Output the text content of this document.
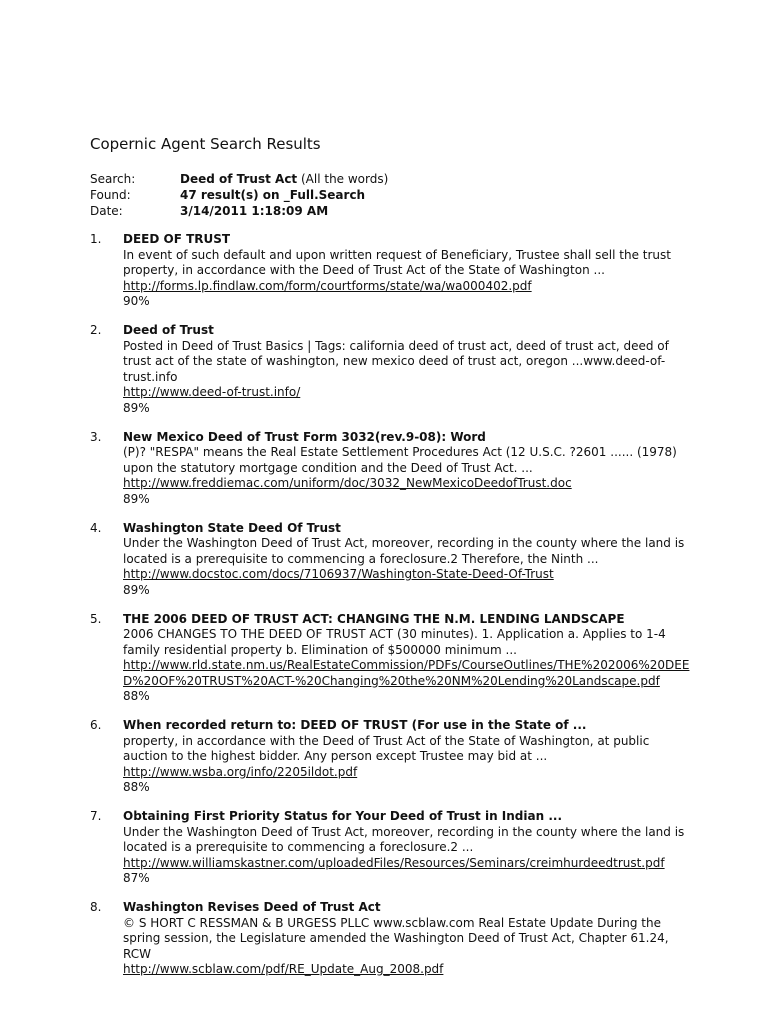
Copernic Agent Search Results
Search:	Deed of Trust Act (All the words)
Found:	47 result(s) on _Full.Search
Date:	3/14/2011 1:18:09 AM
1.	DEED OF TRUST
In event of such default and upon written request of Beneficiary, Trustee shall sell the trust property, in accordance with the Deed of Trust Act of the State of Washington ...
http://forms.lp.findlaw.com/form/courtforms/state/wa/wa000402.pdf
90%
2.	Deed of Trust
Posted in Deed of Trust Basics | Tags: california deed of trust act, deed of trust act, deed of trust act of the state of washington, new mexico deed of trust act, oregon ...www.deed-of-trust.info
http://www.deed-of-trust.info/
89%
3.	New Mexico Deed of Trust Form 3032(rev.9-08): Word
(P)? "RESPA" means the Real Estate Settlement Procedures Act (12 U.S.C. ?2601 ...... (1978) upon the statutory mortgage condition and the Deed of Trust Act. ...
http://www.freddiemac.com/uniform/doc/3032_NewMexicoDeedofTrust.doc
89%
4.	Washington State Deed Of Trust
Under the Washington Deed of Trust Act, moreover, recording in the county where the land is located is a prerequisite to commencing a foreclosure.2 Therefore, the Ninth ...
http://www.docstoc.com/docs/7106937/Washington-State-Deed-Of-Trust
89%
5.	THE 2006 DEED OF TRUST ACT: CHANGING THE N.M. LENDING LANDSCAPE
2006 CHANGES TO THE DEED OF TRUST ACT (30 minutes). 1. Application a. Applies to 1-4 family residential property b. Elimination of $500000 minimum ...
http://www.rld.state.nm.us/RealEstateCommission/PDFs/CourseOutlines/THE%202006%20DEED%20OF%20TRUST%20ACT-%20Changing%20the%20NM%20Lending%20Landscape.pdf
88%
6.	When recorded return to: DEED OF TRUST (For use in the State of ...
property, in accordance with the Deed of Trust Act of the State of Washington, at public auction to the highest bidder. Any person except Trustee may bid at ...
http://www.wsba.org/info/2205ildot.pdf
88%
7.	Obtaining First Priority Status for Your Deed of Trust in Indian ...
Under the Washington Deed of Trust Act, moreover, recording in the county where the land is located is a prerequisite to commencing a foreclosure.2 ...
http://www.williamskastner.com/uploadedFiles/Resources/Seminars/creimhurdeedtrust.pdf
87%
8.	Washington Revises Deed of Trust Act
© S HORT C RESSMAN & B URGESS PLLC www.scblaw.com Real Estate Update During the spring session, the Legislature amended the Washington Deed of Trust Act, Chapter 61.24, RCW
http://www.scblaw.com/pdf/RE_Update_Aug_2008.pdf
